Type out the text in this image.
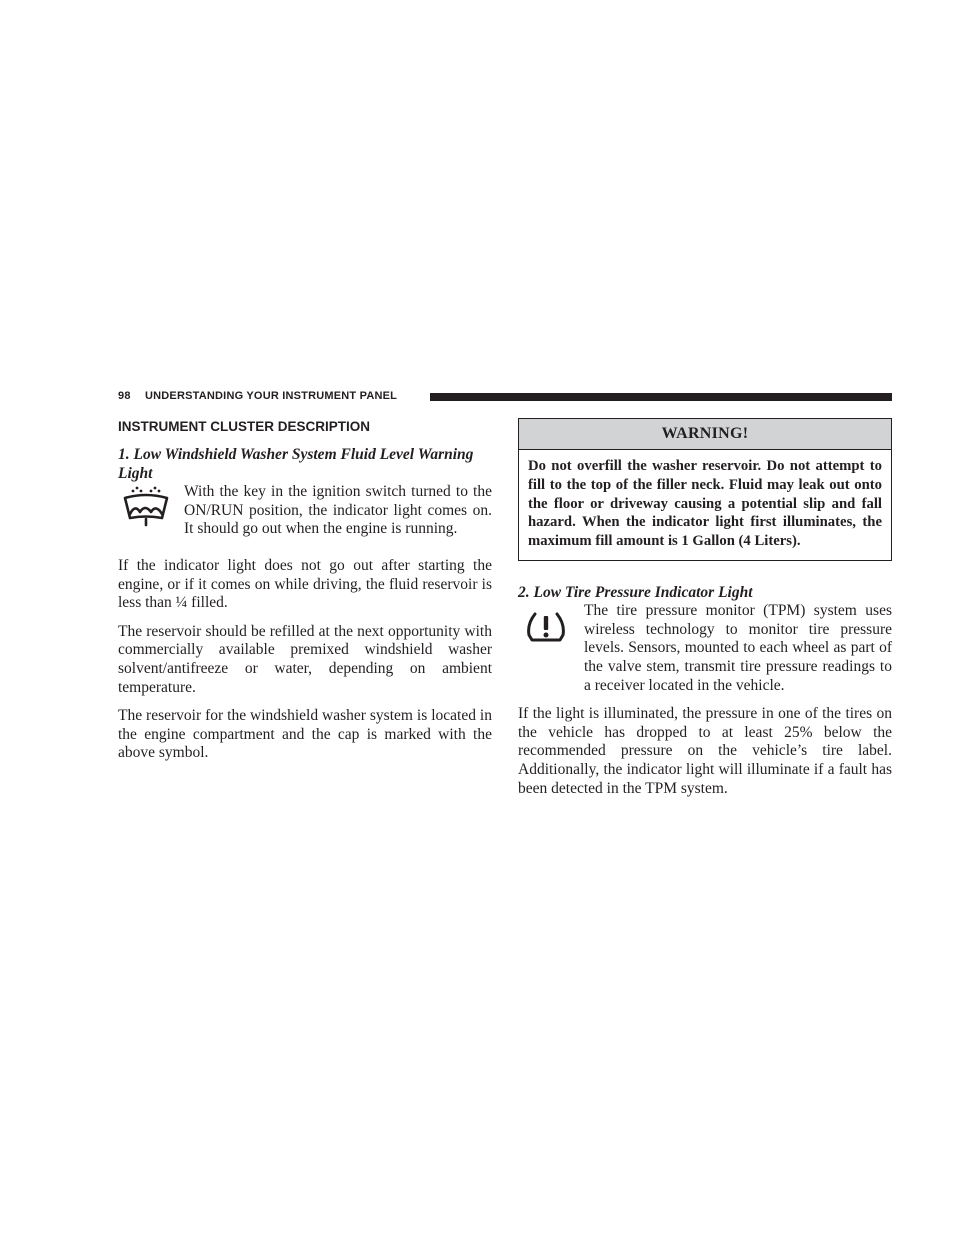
98 UNDERSTANDING YOUR INSTRUMENT PANEL
INSTRUMENT CLUSTER DESCRIPTION
1. Low Windshield Washer System Fluid Level Warning Light

With the key in the ignition switch turned to the ON/RUN position, the indicator light comes on. It should go out when the engine is running.

If the indicator light does not go out after starting the engine, or if it comes on while driving, the fluid reservoir is less than ¼ filled.

The reservoir should be refilled at the next opportunity with commercially available premixed windshield washer solvent/antifreeze or water, depending on ambient temperature.

The reservoir for the windshield washer system is located in the engine compartment and the cap is marked with the above symbol.

WARNING!
Do not overfill the washer reservoir. Do not attempt to fill to the top of the filler neck. Fluid may leak out onto the floor or driveway causing a potential slip and fall hazard. When the indicator light first illuminates, the maximum fill amount is 1 Gallon (4 Liters).
2. Low Tire Pressure Indicator Light

The tire pressure monitor (TPM) system uses wireless technology to monitor tire pressure levels. Sensors, mounted to each wheel as part of the valve stem, transmit tire pressure readings to a receiver located in the vehicle.

If the light is illuminated, the pressure in one of the tires on the vehicle has dropped to at least 25% below the recommended pressure on the vehicle’s tire label. Additionally, the indicator light will illuminate if a fault has been detected in the TPM system.
